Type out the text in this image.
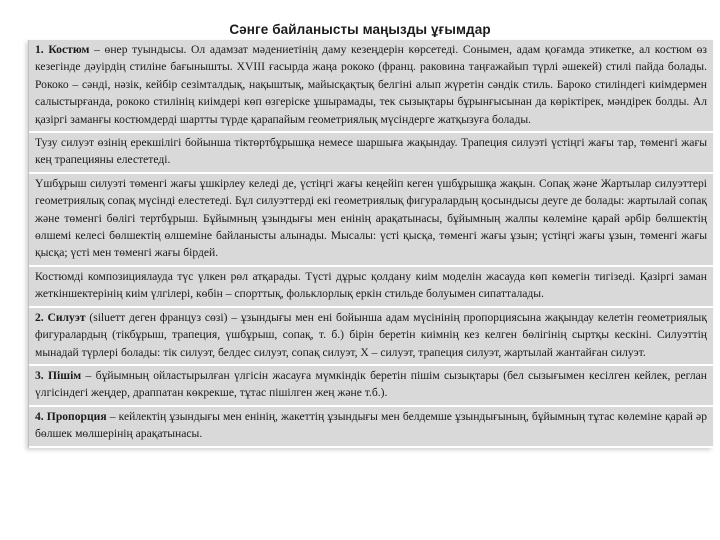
Сәнге байланысты маңызды ұғымдар
1. Костюм – өнер туындысы. Ол адамзат мәдениетінің даму кезеңдерін көрсетеді. Сонымен, адам қоғамда этикетке, ал костюм өз кезегінде дәуірдің стиліне бағынышты. XVIII ғасырда жаңа рококо (франц. раковина таңғажайып түрлі әшекей) стилі пайда болады. Рококо – сәнді, нәзік, кейбір сезімталдық, нақыштық, майысқақтық белгіні алып жүретін сәндік стиль. Бароко стиліндегі киімдермен салыстырғанда, рококо стилінің киімдері көп өзгеріске ұшырамады, тек сызықтары бұрынғысынан да көріктірек, мәндірек болды. Ал қазіргі заманғы костюмдерді шартты түрде қарапайым геометриялық мүсіндерге жатқызуға болады.
Тузу силуэт өзінің ерекшілігі бойынша тіктөртбұрышқа немесе шаршыға жақындау. Трапеция силуэті үстіңгі жағы тар, төменгі жағы кең трапецияны елестетеді.
Үшбұрыш силуэті төменгі жағы ұшкірлеу келеді де, үстіңгі жағы кеңейіп кеген үшбұрышқа жақын. Сопақ және Жартылар силуэттері геометриялық сопақ мүсінді елестетеді. Бұл силуэттерді екі геометриялық фигуралардың қосындысы деуге де болады: жартылай сопақ және төменгі бөлігі тертбұрыш. Бұйымның ұзындығы мен енінің арақатынасы, бұйымның жалпы көлеміне қарай әрбір бөлшектің өлшемі келесі бөлшектің өлшеміне байланысты алынады. Мысалы: үсті қысқа, төменгі жағы ұзын; үстіңгі жағы ұзын, төменгі жағы қысқа; үсті мен төменгі жағы бірдей.
Костюмді композициялауда түс үлкен рөл атқарады. Түсті дұрыс қолдану киім моделін жасауда көп көмегін тигізеді. Қазіргі заман жеткіншектерінің киім үлгілері, көбін – спорттық, фольклорлық еркін стильде болуымен сипатталады.
2. Силуэт (silueтт деген француз сөзі) – ұзындығы мен ені бойынша адам мүсінінің пропорциясына жақындау келетін геометриялық фигуралардың (тікбұрыш, трапеция, үшбұрыш, сопақ, т. б.) бірін беретін киімнің кез келген бөлігінің сыртқы кескіні. Силуэттің мынадай түрлері болады: тік силуэт, белдеc силуэт, сопақ силуэт, Х – силуэт, трапеция силуэт, жартылай жантайған силуэт.
3. Пішім – бұйымның ойластырылған үлгісін жасауға мүмкіндік беретін пішім сызықтары (бел сызығымен кесілген кейлек, реглан үлгісіндегі жеңдер, драппатан көкрекше, тұтас пішілген жең және т.б.).
4. Пропорция – кейлектің ұзындығы мен енінің, жакеттің ұзындығы мен белдемше ұзындығының, бұйымның тұтас көлеміне қарай әр бөлшек мөлшерінің арақатынасы.
